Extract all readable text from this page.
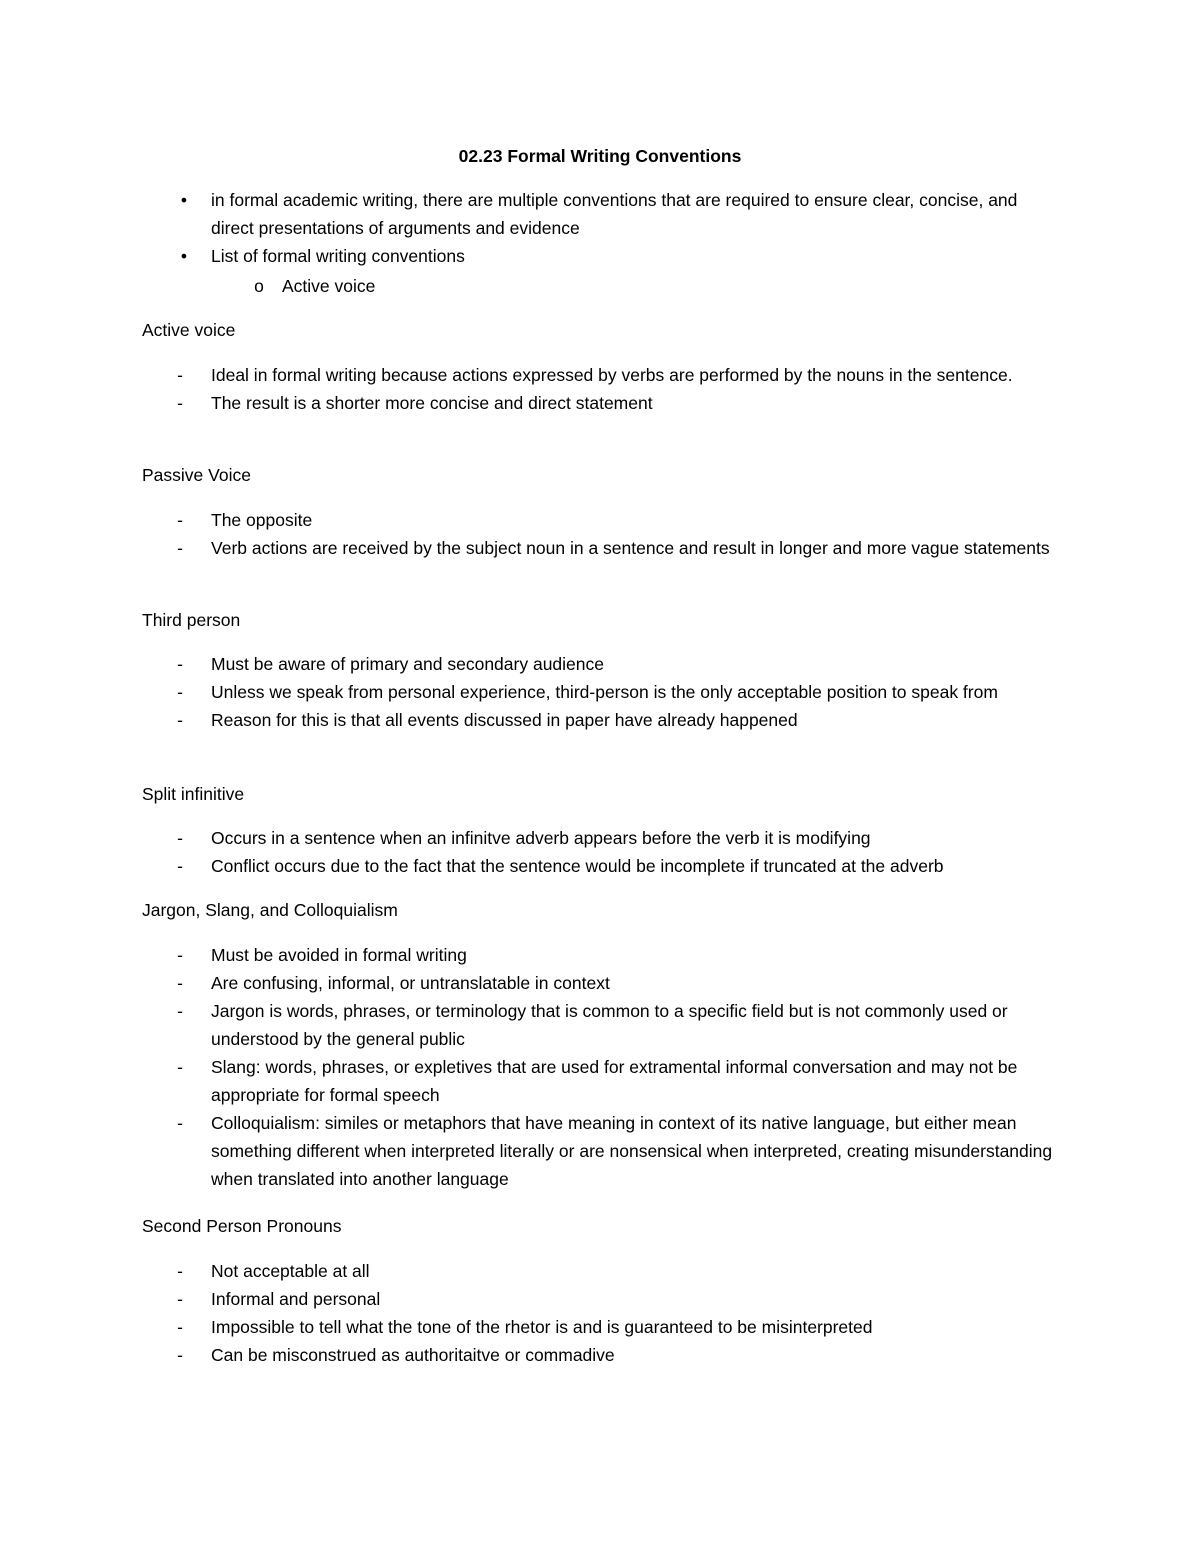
02.23 Formal Writing Conventions
•	in formal academic writing, there are multiple conventions that are required to ensure clear, concise, and direct presentations of arguments and evidence
•	List of formal writing conventions
o Active voice
Active voice
-	Ideal in formal writing because actions expressed by verbs are performed by the nouns in the sentence.
-	The result is a shorter more concise and direct statement
Passive Voice
-	The opposite
-	Verb actions are received by the subject noun in a sentence and result in longer and more vague statements
Third person
-	Must be aware of primary and secondary audience
-	Unless we speak from personal experience, third-person is the only acceptable position to speak from
-	Reason for this is that all events discussed in paper have already happened
Split infinitive
-	Occurs in a sentence when an infinitve adverb appears before the verb it is modifying
-	Conflict occurs due to the fact that the sentence would be incomplete if truncated at the adverb
Jargon, Slang, and Colloquialism
-	Must be avoided in formal writing
-	Are confusing, informal, or untranslatable in context
-	Jargon is words, phrases, or terminology that is common to a specific field but is not commonly used or understood by the general public
-	Slang: words, phrases, or expletives that are used for extramental informal conversation and may not be appropriate for formal speech
-	Colloquialism: similes or metaphors that have meaning in context of its native language, but either mean something different when interpreted literally or are nonsensical when interpreted, creating misunderstanding when translated into another language
Second Person Pronouns
-	Not acceptable at all
-	Informal and personal
-	Impossible to tell what the tone of the rhetor is and is guaranteed to be misinterpreted
-	Can be misconstrued as authoritaitve or commadive
